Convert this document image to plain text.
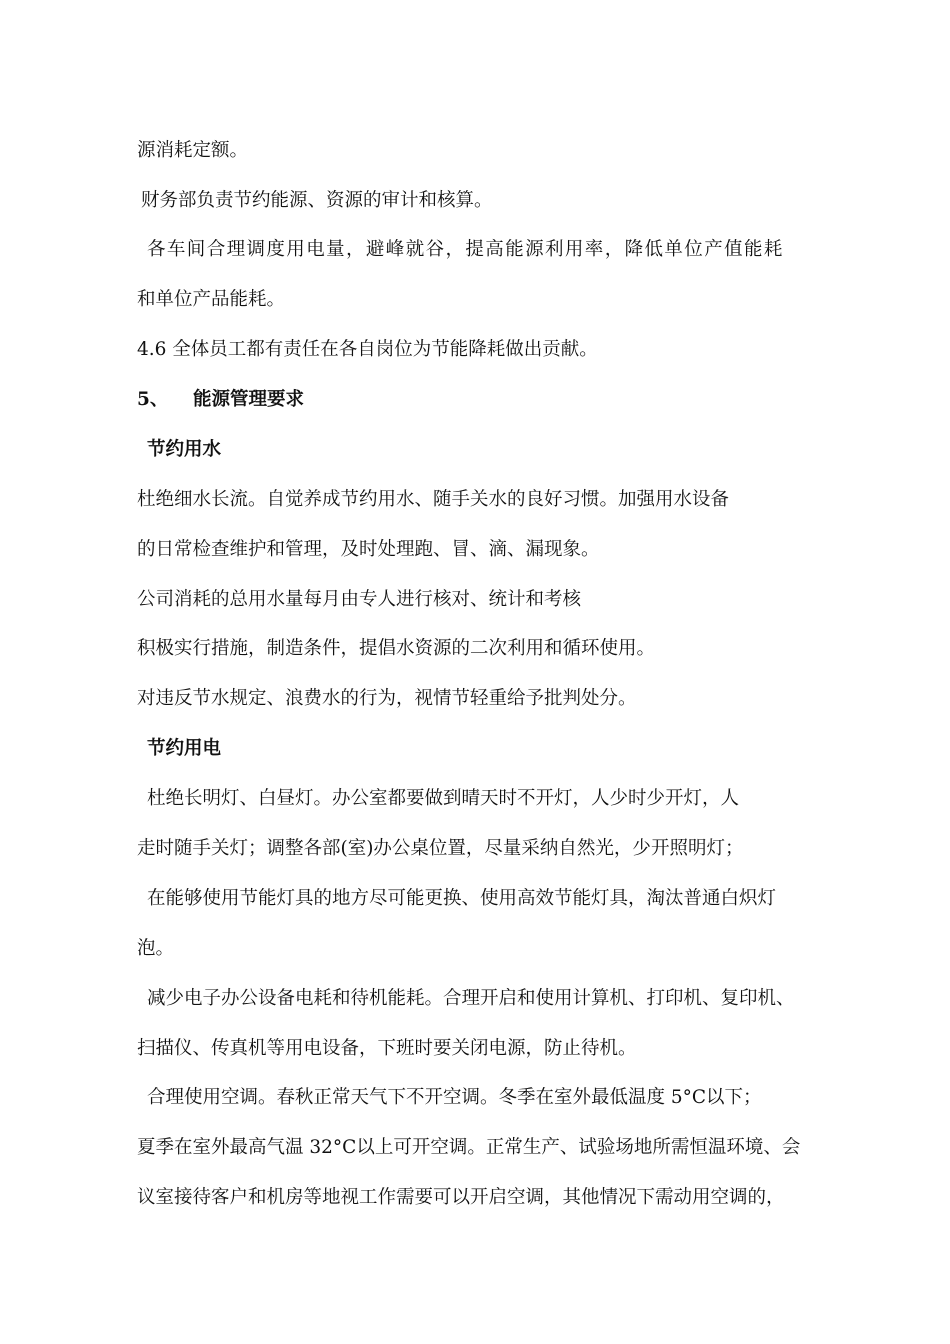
源消耗定额。
财务部负责节约能源、资源的审计和核算。
各车间合理调度用电量，避峰就谷，提高能源利用率，降低单位产值能耗
和单位产品能耗。
4.6 全体员工都有责任在各自岗位为节能降耗做出贡献。
5、 能源管理要求
节约用水
杜绝细水长流。自觉养成节约用水、随手关水的良好习惯。加强用水设备
的日常检查维护和管理，及时处理跑、冒、滴、漏现象。
公司消耗的总用水量每月由专人进行核对、统计和考核
积极实行措施，制造条件，提倡水资源的二次利用和循环使用。
对违反节水规定、浪费水的行为，视情节轻重给予批判处分。
节约用电
杜绝长明灯、白昼灯。办公室都要做到晴天时不开灯，人少时少开灯，人
走时随手关灯；调整各部(室)办公桌位置，尽量采纳自然光，少开照明灯；
在能够使用节能灯具的地方尽可能更换、使用高效节能灯具，淘汰普通白炽灯
泡。
减少电子办公设备电耗和待机能耗。合理开启和使用计算机、打印机、复印机、
扫描仪、传真机等用电设备，下班时要关闭电源，防止待机。
合理使用空调。春秋正常天气下不开空调。冬季在室外最低温度 5°C以下；
夏季在室外最高气温 32°C以上可开空调。正常生产、试验场地所需恒温环境、会
议室接待客户和机房等地视工作需要可以开启空调，其他情况下需动用空调的，
